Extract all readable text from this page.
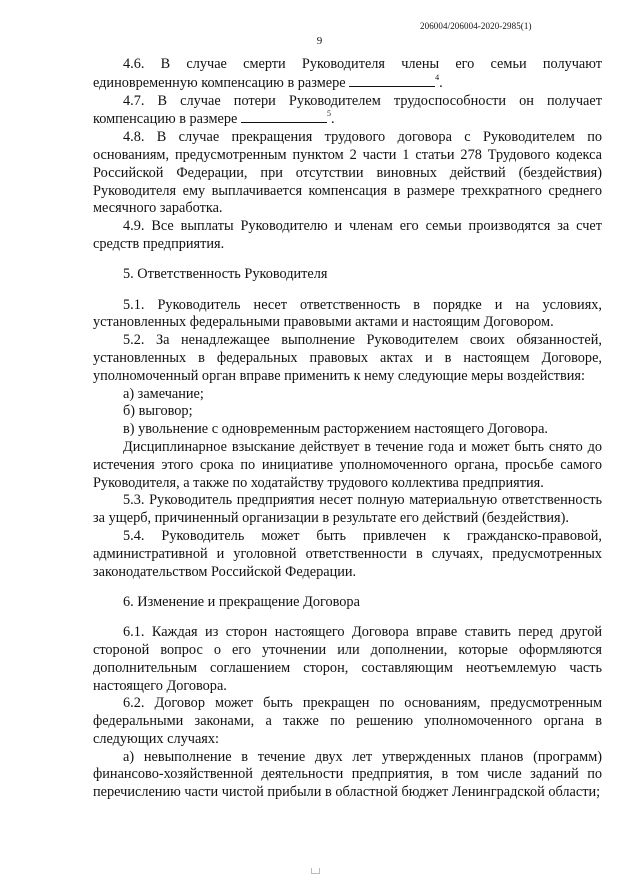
206004/206004-2020-2985(1)
9

4.6. В случае смерти Руководителя члены его семьи получают единовременную компенсацию в размере	$^4$.

4.7. В случае потери Руководителем трудоспособности он получает компенсацию в размере	$^5$.

4.8. В случае прекращения трудового договора с Руководителем по основаниям, предусмотренным пунктом 2 части 1 статьи 278 Трудового кодекса Российской Федерации, при отсутствии виновных действий (бездействия) Руководителя ему выплачивается компенсация в размере трехкратного среднего месячного заработка.

4.9. Все выплаты Руководителю и членам его семьи производятся за счет средств предприятия.

5. Ответственность Руководителя

5.1. Руководитель несет ответственность в порядке и на условиях, установленных федеральными правовыми актами и настоящим Договором.

5.2. За ненадлежащее выполнение Руководителем своих обязанностей, установленных в федеральных правовых актах и в настоящем Договоре, уполномоченный орган вправе применить к нему следующие меры воздействия:

а) замечание;

б) выговор;

в) увольнение с одновременным расторжением настоящего Договора.

Дисциплинарное взыскание действует в течение года и может быть снято до истечения этого срока по инициативе уполномоченного органа, просьбе самого Руководителя, а также по ходатайству трудового коллектива предприятия.

5.3. Руководитель предприятия несет полную материальную ответственность за ущерб, причиненный организации в результате его действий (бездействия).

5.4. Руководитель может быть привлечен к гражданско-правовой, административной и уголовной ответственности в случаях, предусмотренных законодательством Российской Федерации.

6. Изменение и прекращение Договора

6.1. Каждая из сторон настоящего Договора вправе ставить перед другой стороной вопрос о его уточнении или дополнении, которые оформляются дополнительным соглашением сторон, составляющим неотъемлемую часть настоящего Договора.

6.2. Договор может быть прекращен по основаниям, предусмотренным федеральными законами, а также по решению уполномоченного органа в следующих случаях:

а) невыполнение в течение двух лет утвержденных планов (программ) финансово-хозяйственной деятельности предприятия, в том числе заданий по перечислению части чистой прибыли в областной бюджет Ленинградской области;
